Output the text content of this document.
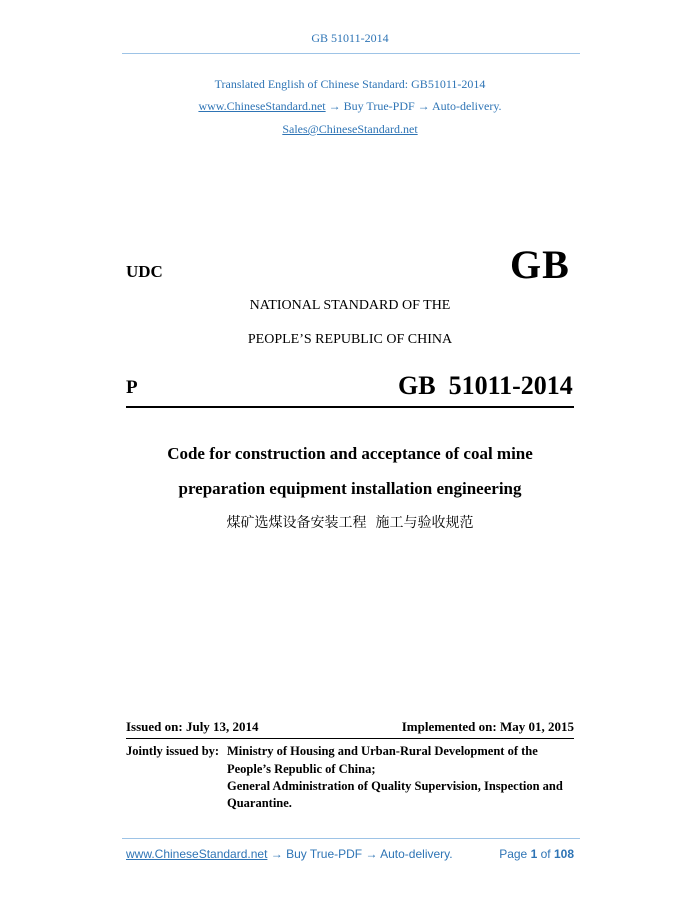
GB 51011-2014
Translated English of Chinese Standard: GB51011-2014
www.ChineseStandard.net → Buy True-PDF → Auto-delivery.
Sales@ChineseStandard.net
UDC	GB
NATIONAL STANDARD OF THE
PEOPLE’S REPUBLIC OF CHINA
P	GB  51011-2014
Code for construction and acceptance of coal mine
preparation equipment installation engineering
煤矿选煤设备安装工程  施工与验收规范
Issued on: July 13, 2014	Implemented on: May 01, 2015
Jointly issued by: Ministry of Housing and Urban-Rural Development of the
People’s Republic of China;
General Administration of Quality Supervision, Inspection and
Quarantine.
www.ChineseStandard.net → Buy True-PDF → Auto-delivery.	Page 1 of 108
